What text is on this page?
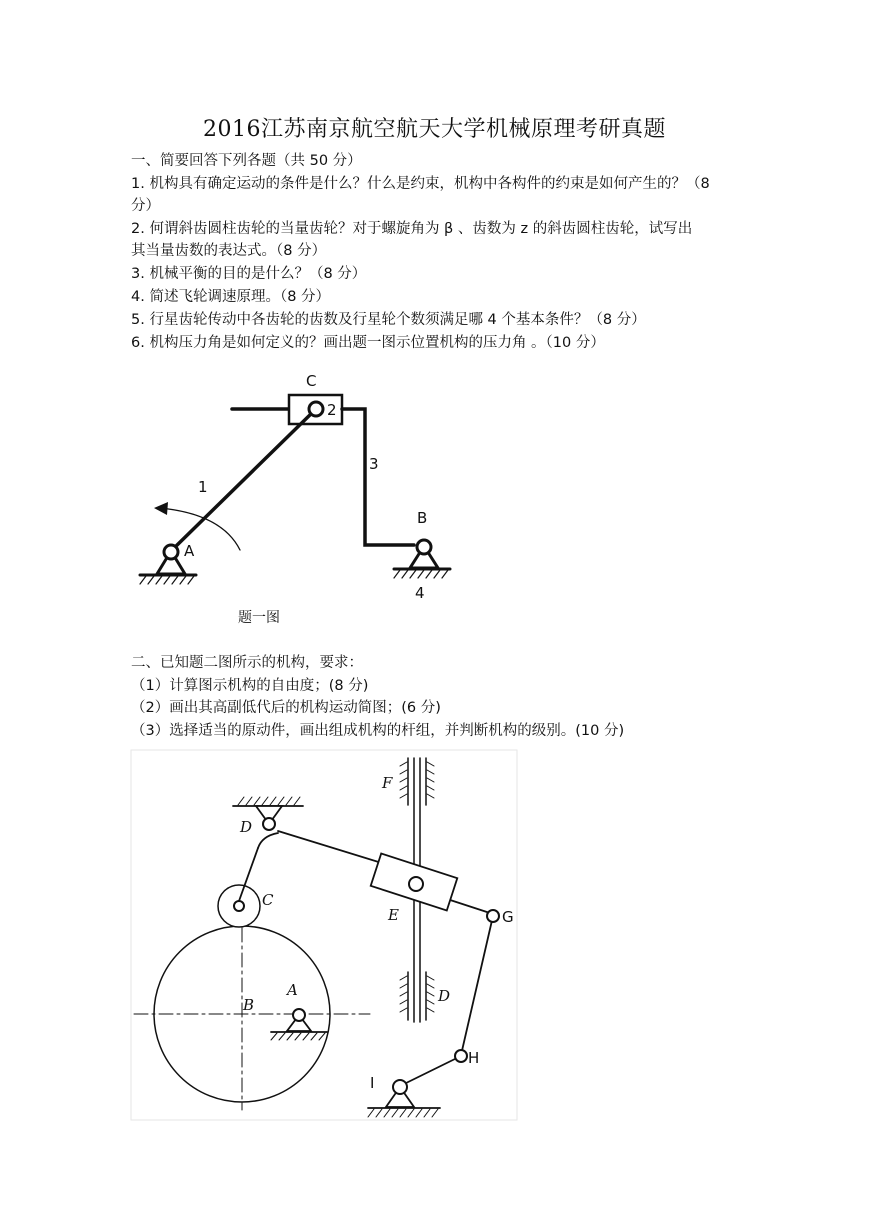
2016江苏南京航空航天大学机械原理考研真题
一、简要回答下列各题（共 50 分）
1. 机构具有确定运动的条件是什么？什么是约束，机构中各构件的约束是如何产生的？（8
分）
2. 何谓斜齿圆柱齿轮的当量齿轮？对于螺旋角为 β 、齿数为 z 的斜齿圆柱齿轮，试写出
其当量齿数的表达式。（8 分）
3. 机械平衡的目的是什么？（8 分）
4. 简述飞轮调速原理。（8 分）
5. 行星齿轮传动中各齿轮的齿数及行星轮个数须满足哪 4 个基本条件？（8 分）
6. 机构压力角是如何定义的？画出题一图示位置机构的压力角 。（10 分）
C
2
3
1
A
B
4
题一图
二、已知题二图所示的机构，要求：
（1）计算图示机构的自由度；(8 分)
（2）画出其高副低代后的机构运动简图；(6 分)
（3）选择适当的原动件，画出组成机构的杆组，并判断机构的级别。(10 分)
F
D
C
E	G
D
A
B
H
I
